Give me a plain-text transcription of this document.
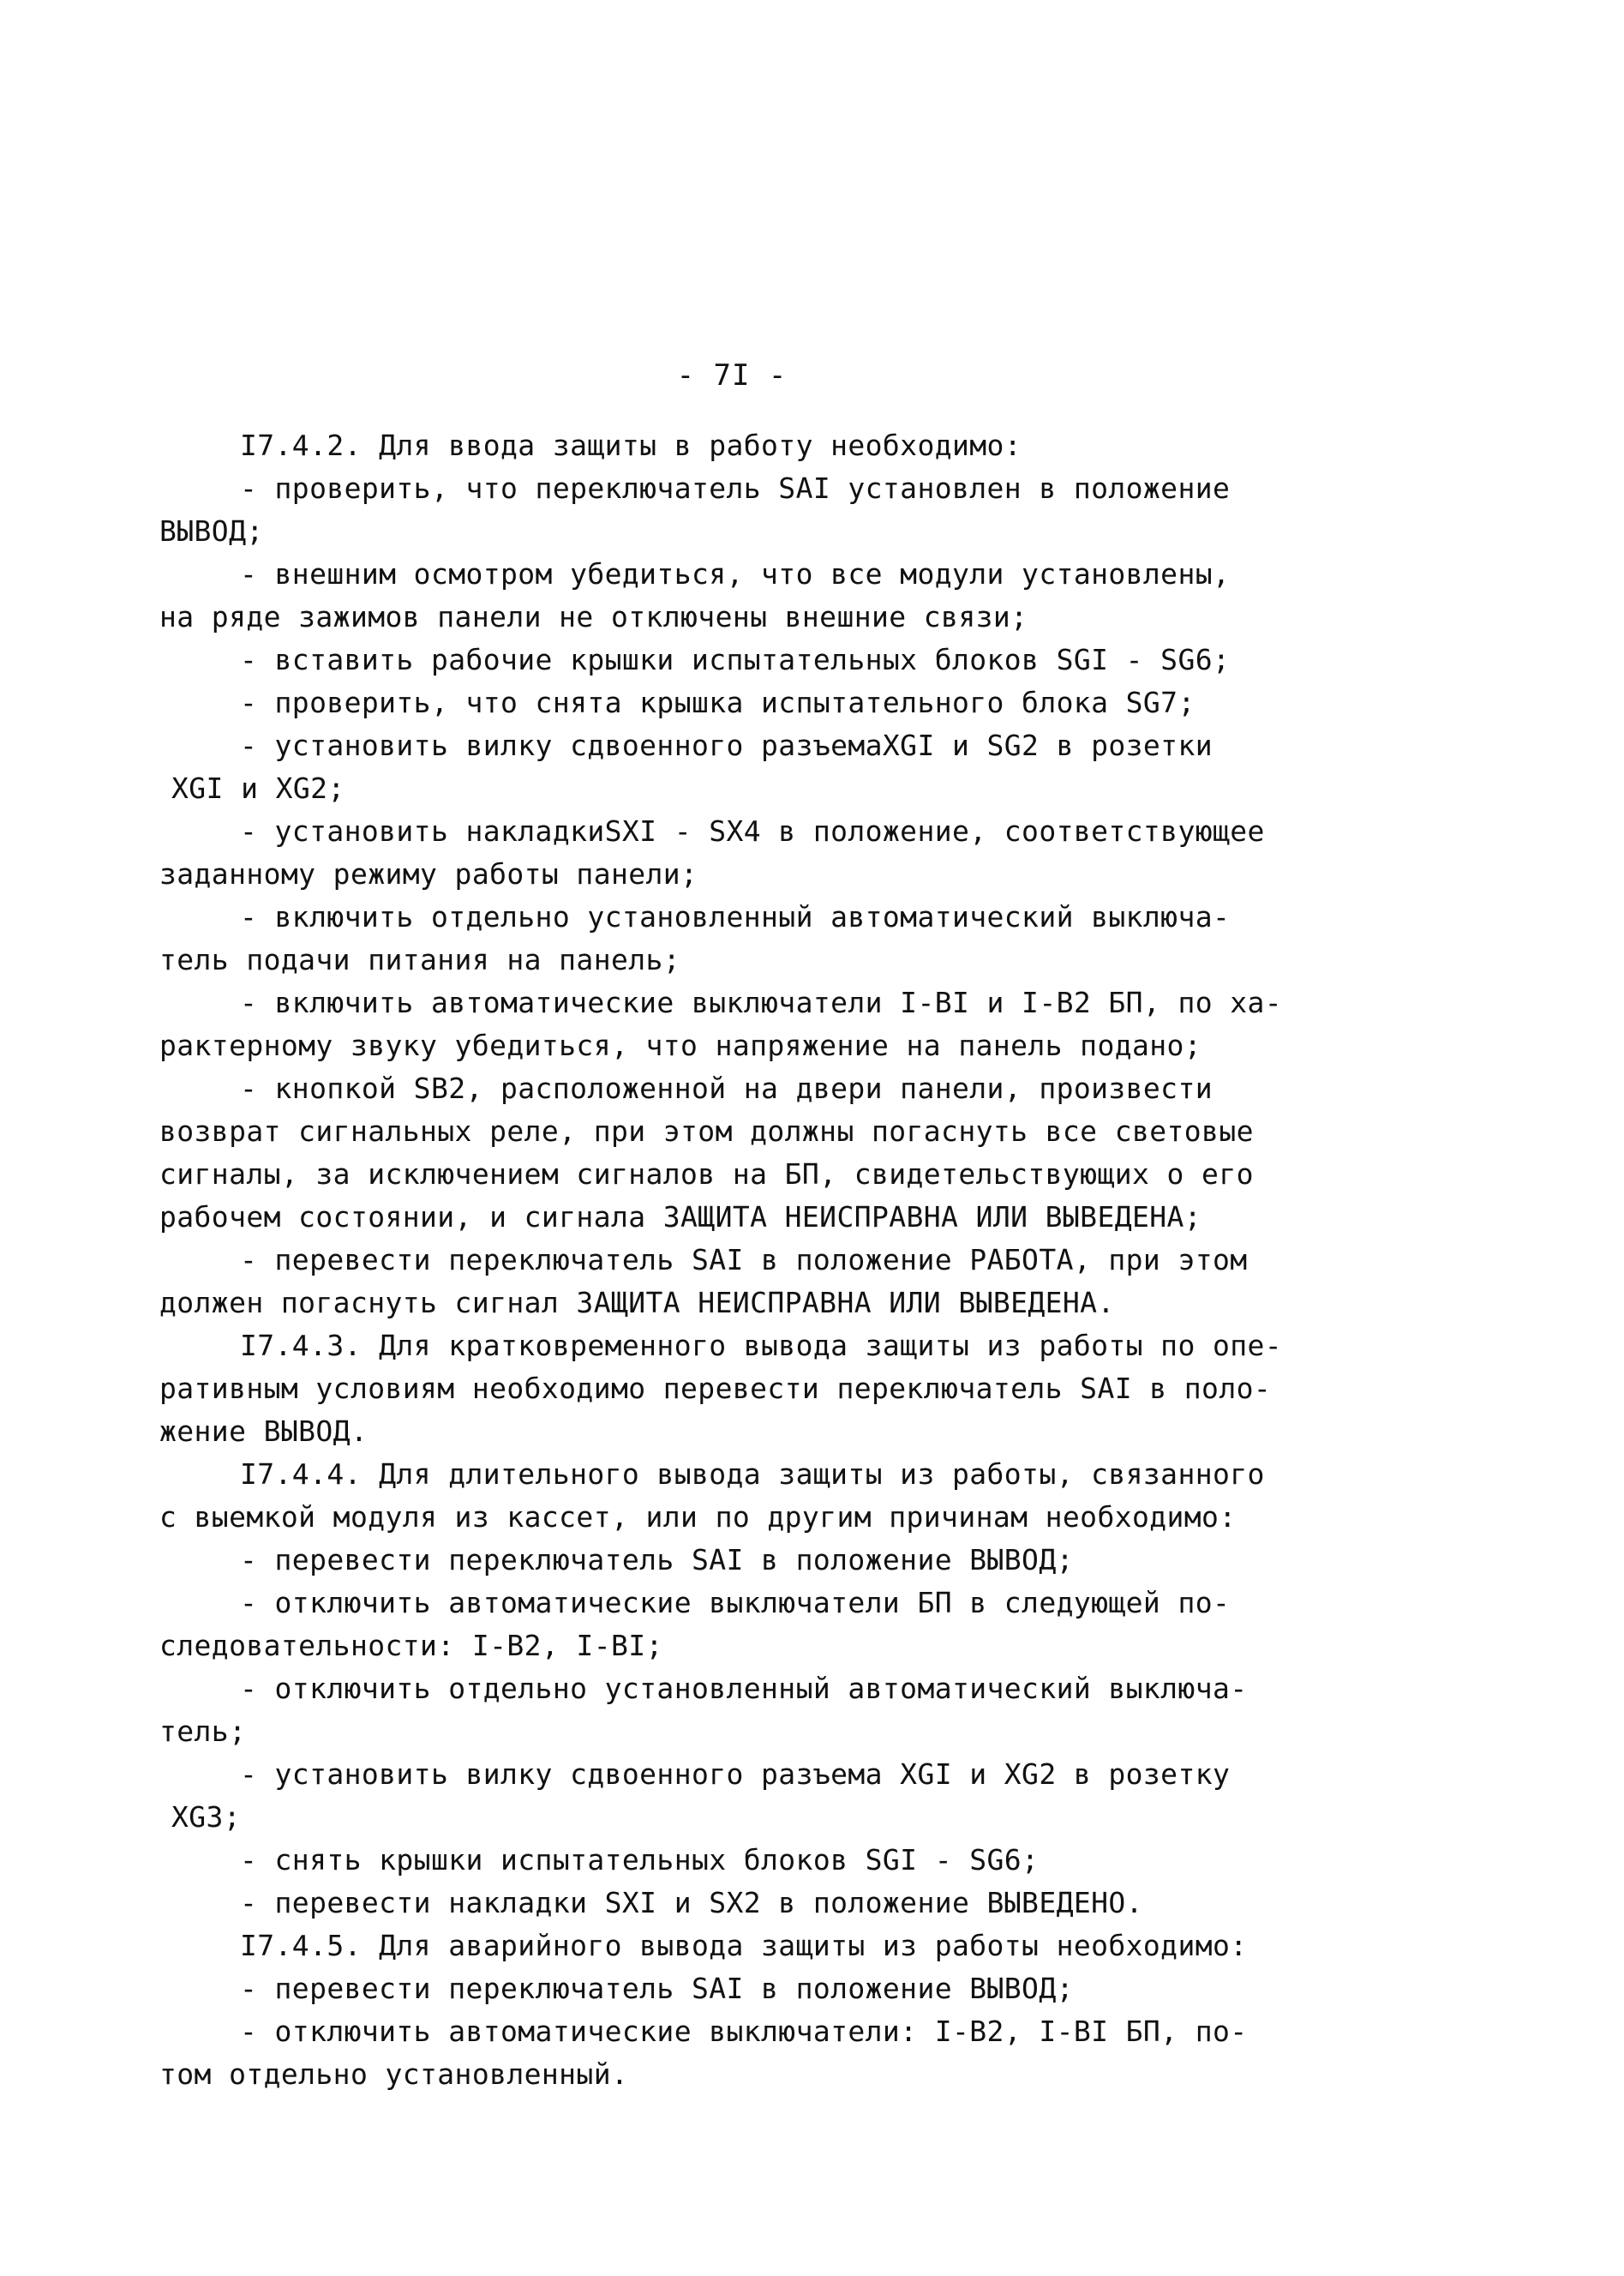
- 7I -
I7.4.2. Для ввода защиты в работу необходимо:
- проверить, что переключатель SAI установлен в положение
ВЫВОД;
- внешним осмотром убедиться, что все модули установлены,
на ряде зажимов панели не отключены внешние связи;
- вставить рабочие крышки испытательных блоков SGI - SG6;
- проверить, что снята крышка испытательного блока SG7;
- установить вилку сдвоенного разъемаXGI и SG2 в розетки
XGI и XG2;
- установить накладкиSXI - SX4 в положение, соответствующее
заданному режиму работы панели;
- включить отдельно установленный автоматический выключа-
тель подачи питания на панель;
- включить автоматические выключатели I-BI и I-B2 БП, по ха-
рактерному звуку убедиться, что напряжение на панель подано;
- кнопкой SB2, расположенной на двери панели, произвести
возврат сигнальных реле, при этом должны погаснуть все световые
сигналы, за исключением сигналов на БП, свидетельствующих о его
рабочем состоянии, и сигнала ЗАЩИТА НЕИСПРАВНА ИЛИ ВЫВЕДЕНА;
- перевести переключатель SAI в положение РАБОТА, при этом
должен погаснуть сигнал ЗАЩИТА НЕИСПРАВНА ИЛИ ВЫВЕДЕНА.
I7.4.3. Для кратковременного вывода защиты из работы по опе-
ративным условиям необходимо перевести переключатель SAI в поло-
жение ВЫВОД.
I7.4.4. Для длительного вывода защиты из работы, связанного
с выемкой модуля из кассет, или по другим причинам необходимо:
- перевести переключатель SAI в положение ВЫВОД;
- отключить автоматические выключатели БП в следующей по-
следовательности: I-B2, I-BI;
- отключить отдельно установленный автоматический выключа-
тель;
- установить вилку сдвоенного разъема XGI и XG2 в розетку
XG3;
- снять крышки испытательных блоков SGI - SG6;
- перевести накладки SXI и SX2 в положение ВЫВЕДЕНО.
I7.4.5. Для аварийного вывода защиты из работы необходимо:
- перевести переключатель SAI в положение ВЫВОД;
- отключить автоматические выключатели: I-B2, I-BI БП, по-
том отдельно установленный.
